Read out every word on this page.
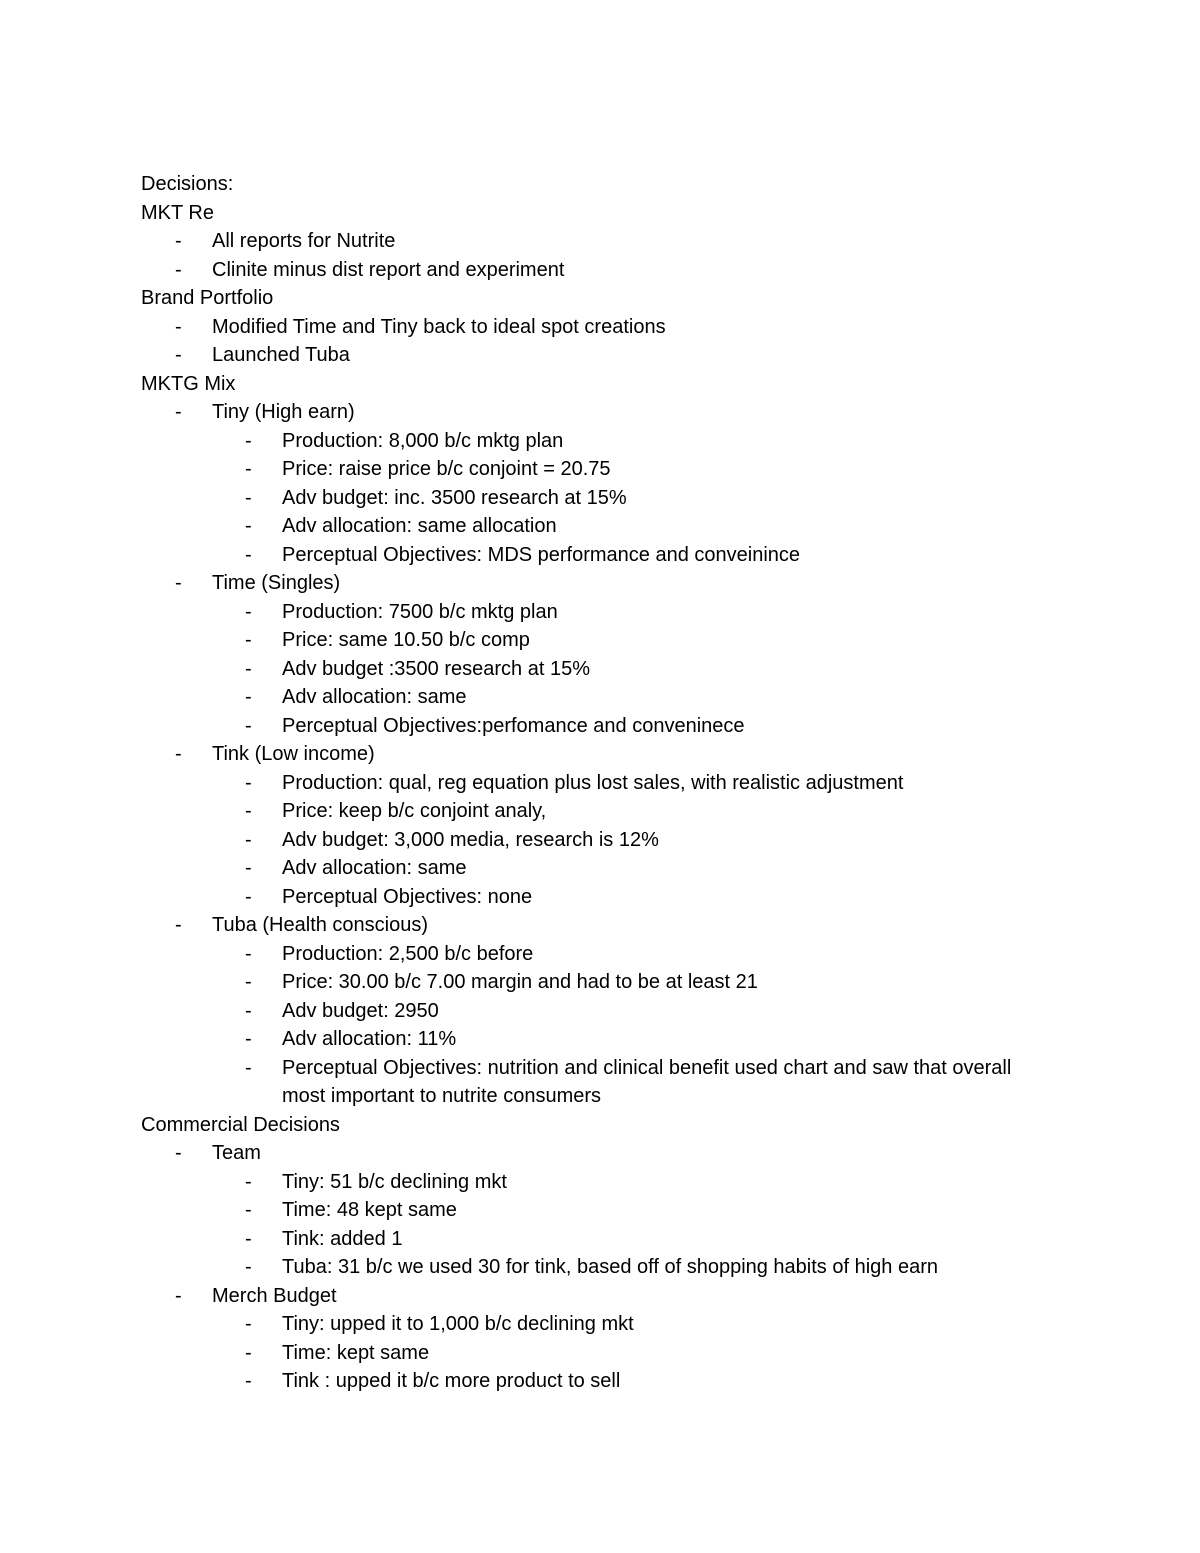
Decisions:
MKT Re
-	All reports for Nutrite
-	Clinite minus dist report and experiment
Brand Portfolio
-	Modified Time and Tiny back to ideal spot creations
-	Launched Tuba
MKTG Mix
-	Tiny (High earn)
-	Production: 8,000 b/c mktg plan
-	Price: raise price b/c conjoint = 20.75
-	Adv budget: inc. 3500 research at 15%
-	Adv allocation: same allocation
-	Perceptual Objectives: MDS performance and conveinince
-	Time (Singles)
-	Production: 7500 b/c mktg plan
-	Price: same 10.50 b/c comp
-	Adv budget :3500 research at 15%
-	Adv allocation: same
-	Perceptual Objectives:perfomance and conveninece
-	Tink (Low income)
-	Production: qual, reg equation plus lost sales, with realistic adjustment
-	Price: keep b/c conjoint analy,
-	Adv budget: 3,000 media, research is 12%
-	Adv allocation: same
-	Perceptual Objectives: none
-	Tuba (Health conscious)
-	Production: 2,500 b/c before
-	Price: 30.00 b/c 7.00 margin and had to be at least 21
-	Adv budget: 2950
-	Adv allocation: 11%
-	Perceptual Objectives: nutrition and clinical benefit used chart and saw that overall most important to nutrite consumers
Commercial Decisions
-	Team
-	Tiny: 51 b/c declining mkt
-	Time: 48 kept same
-	Tink: added 1
-	Tuba: 31 b/c we used 30 for tink, based off of shopping habits of high earn
-	Merch Budget
-	Tiny: upped it to 1,000 b/c declining mkt
-	Time: kept same
-	Tink : upped it b/c more product to sell
